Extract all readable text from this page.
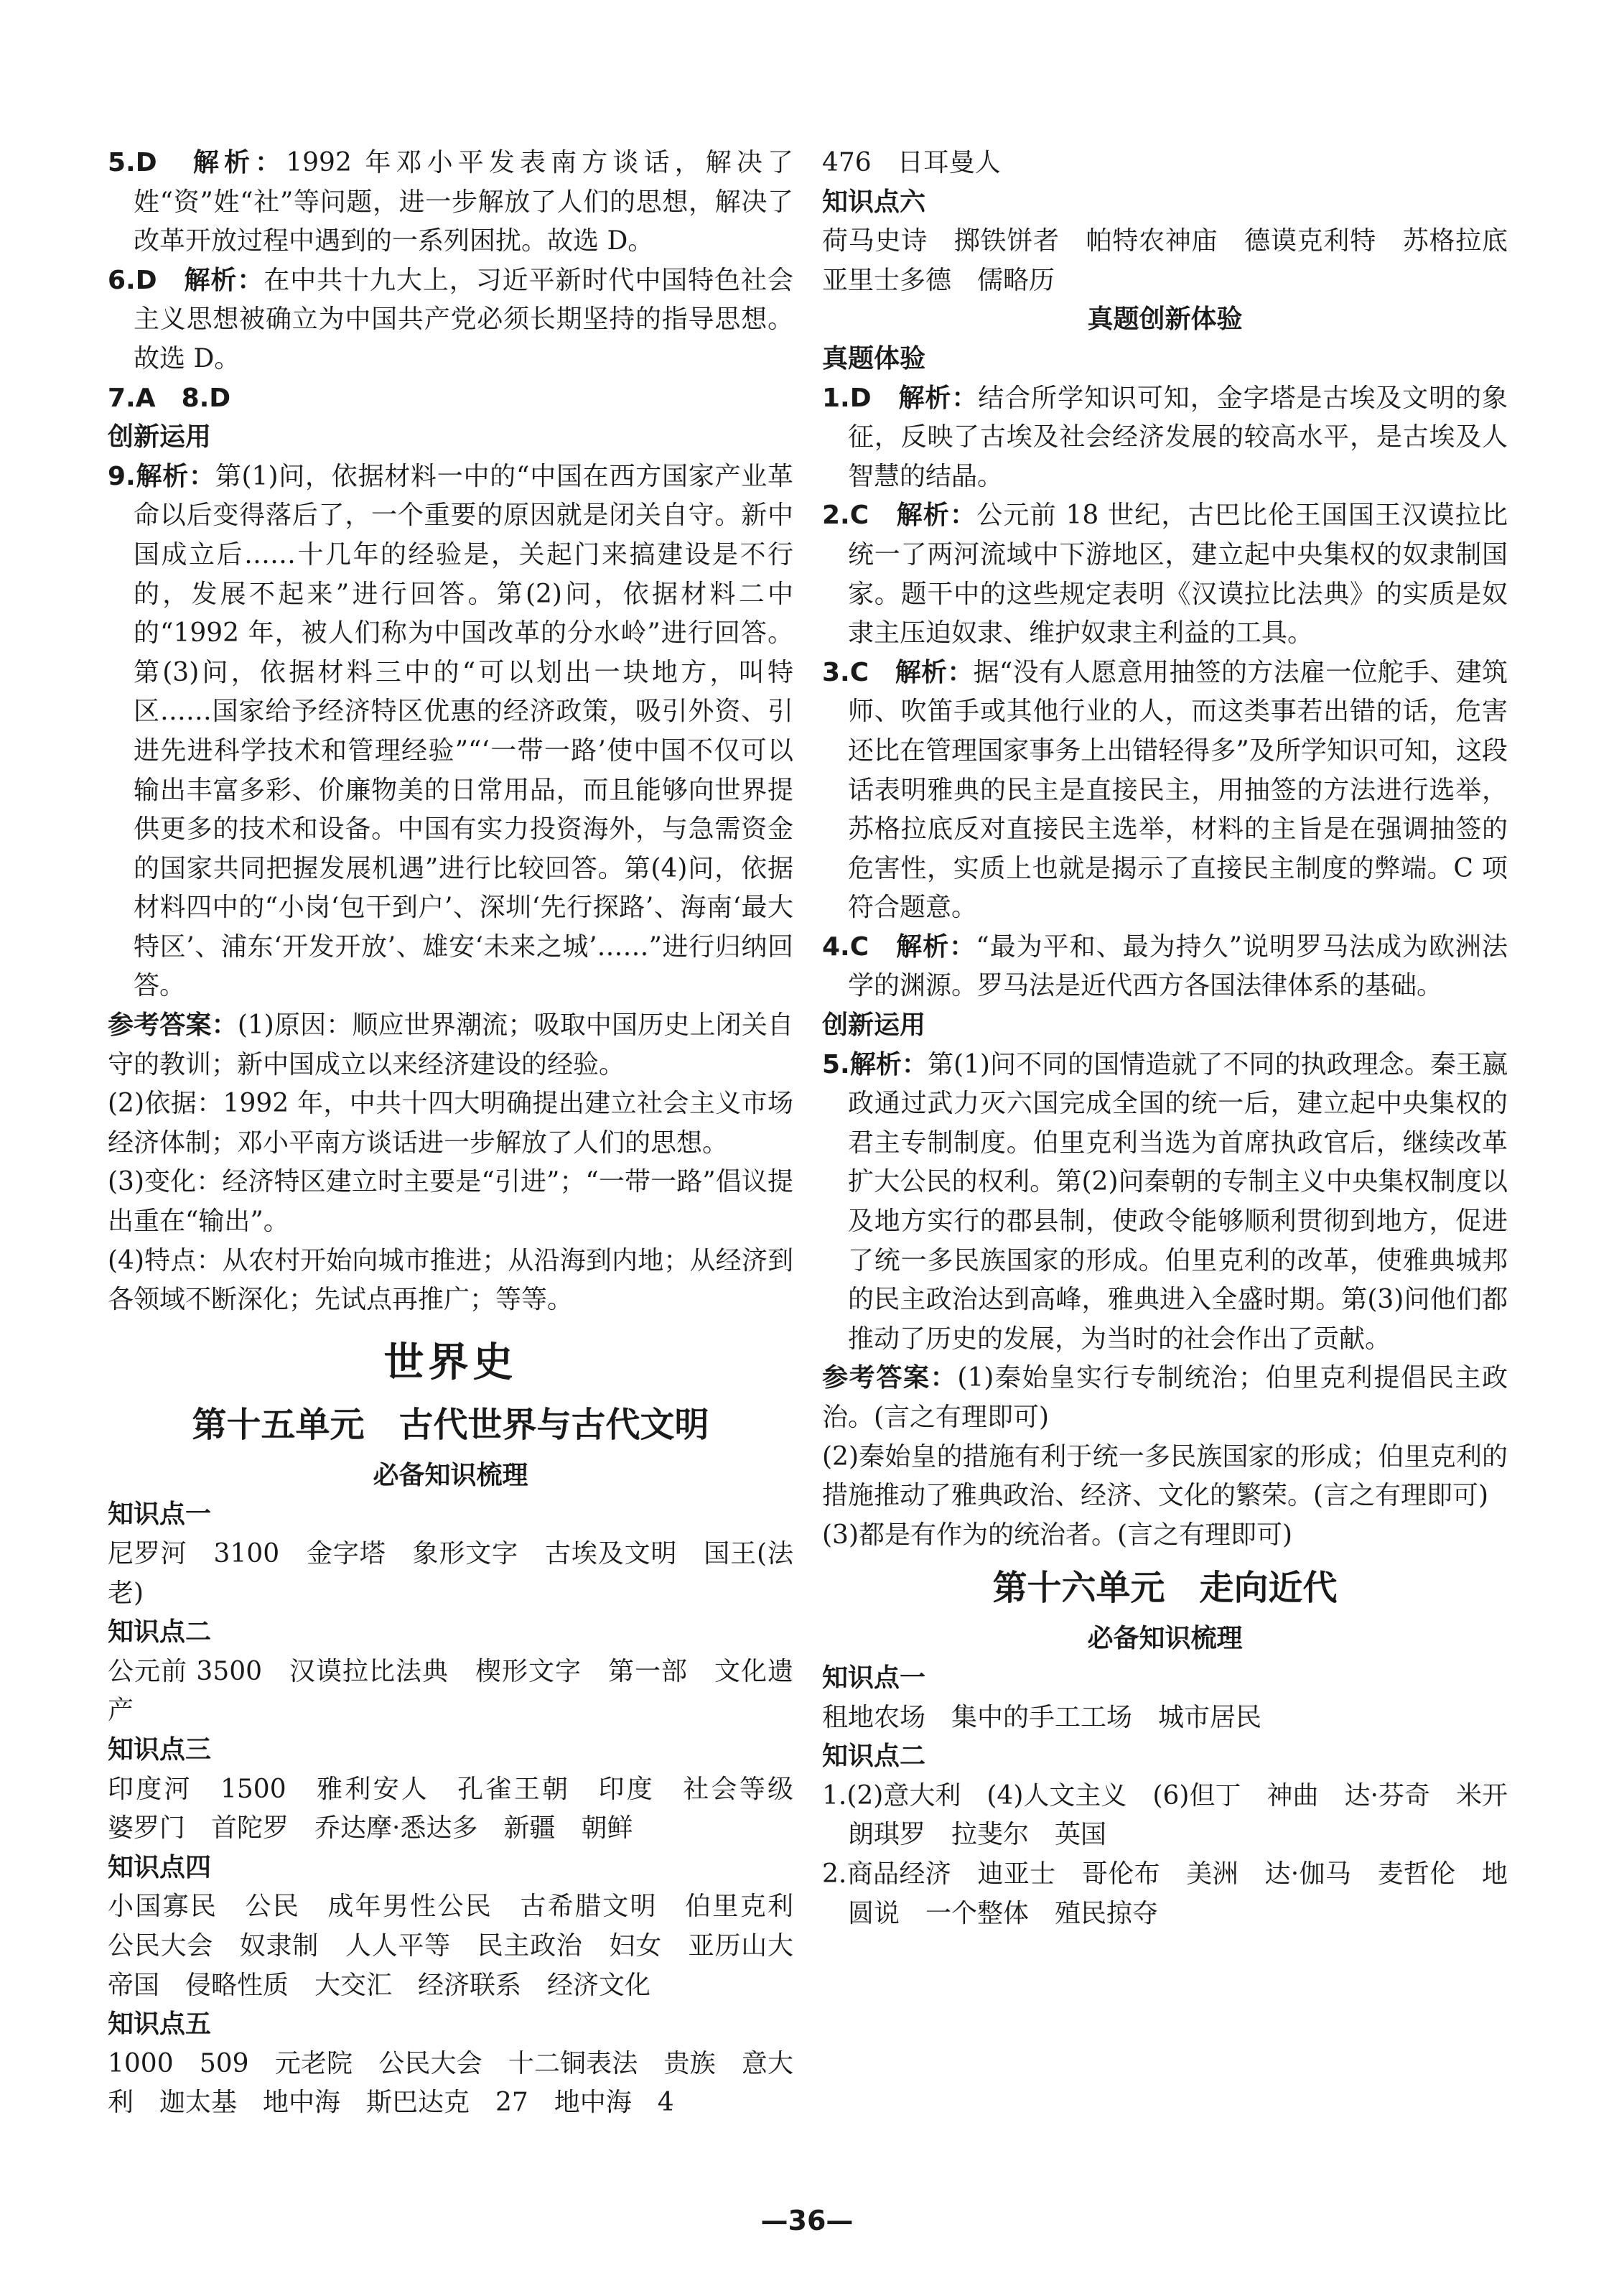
5.D　 解析：1992 年邓小平发表南方谈话，解决了姓“资”姓“社”等问题，进一步解放了人们的思想，解决了改革开放过程中遇到的一系列困扰。故选 D。

6.D　 解析：在中共十九大上，习近平新时代中国特色社会主义思想被确立为中国共产党必须长期坚持的指导思想。故选 D。

7.A　8.D

创新运用

9.解析：第(1)问，依据材料一中的“中国在西方国家产业革命以后变得落后了，一个重要的原因就是闭关自守。新中国成立后……十几年的经验是，关起门来搞建设是不行的，发展不起来”进行回答。第(2)问，依据材料二中的“1992 年，被人们称为中国改革的分水岭”进行回答。第(3)问，依据材料三中的“可以划出一块地方，叫特区……国家给予经济特区优惠的经济政策，吸引外资、引进先进科学技术和管理经验”“‘一带一路’使中国不仅可以输出丰富多彩、价廉物美的日常用品，而且能够向世界提供更多的技术和设备。中国有实力投资海外，与急需资金的国家共同把握发展机遇”进行比较回答。第(4)问，依据材料四中的“小岗‘包干到户’、深圳‘先行探路’、海南‘最大特区’、浦东‘开发开放’、雄安‘未来之城’……”进行归纳回答。

参考答案：(1)原因：顺应世界潮流；吸取中国历史上闭关自守的教训；新中国成立以来经济建设的经验。

(2)依据：1992 年，中共十四大明确提出建立社会主义市场经济体制；邓小平南方谈话进一步解放了人们的思想。

(3)变化：经济特区建立时主要是“引进”；“一带一路”倡议提出重在“输出”。

(4)特点：从农村开始向城市推进；从沿海到内地；从经济到各领域不断深化；先试点再推广；等等。

世界史

第十五单元　古代世界与古代文明

必备知识梳理

知识点一

尼罗河　3100　金字塔　象形文字　古埃及文明　国王(法老)

知识点二

公元前 3500　汉谟拉比法典　楔形文字　第一部　文化遗产

知识点三

印度河　1500　雅利安人　孔雀王朝　印度　社会等级　婆罗门　首陀罗　乔达摩·悉达多　新疆　朝鲜

知识点四

小国寡民　公民　成年男性公民　古希腊文明　伯里克利　公民大会　奴隶制　人人平等　民主政治　妇女　亚历山大帝国　侵略性质　大交汇　经济联系　经济文化

知识点五

1000　509　元老院　公民大会　十二铜表法　贵族　意大利　迦太基　地中海　斯巴达克　27　地中海　4

476　日耳曼人

知识点六

荷马史诗　掷铁饼者　帕特农神庙　德谟克利特　苏格拉底　亚里士多德　儒略历

真题创新体验

真题体验

1.D　 解析：结合所学知识可知，金字塔是古埃及文明的象征，反映了古埃及社会经济发展的较高水平，是古埃及人智慧的结晶。

2.C　 解析：公元前 18 世纪，古巴比伦王国国王汉谟拉比统一了两河流域中下游地区，建立起中央集权的奴隶制国家。题干中的这些规定表明《汉谟拉比法典》的实质是奴隶主压迫奴隶、维护奴隶主利益的工具。

3.C　 解析：据“没有人愿意用抽签的方法雇一位舵手、建筑师、吹笛手或其他行业的人，而这类事若出错的话，危害还比在管理国家事务上出错轻得多”及所学知识可知，这段话表明雅典的民主是直接民主，用抽签的方法进行选举，苏格拉底反对直接民主选举，材料的主旨是在强调抽签的危害性，实质上也就是揭示了直接民主制度的弊端。C 项符合题意。

4.C　 解析：“最为平和、最为持久”说明罗马法成为欧洲法学的渊源。罗马法是近代西方各国法律体系的基础。

创新运用

5.解析：第(1)问不同的国情造就了不同的执政理念。秦王嬴政通过武力灭六国完成全国的统一后，建立起中央集权的君主专制制度。伯里克利当选为首席执政官后，继续改革扩大公民的权利。第(2)问秦朝的专制主义中央集权制度以及地方实行的郡县制，使政令能够顺利贯彻到地方，促进了统一多民族国家的形成。伯里克利的改革，使雅典城邦的民主政治达到高峰，雅典进入全盛时期。第(3)问他们都推动了历史的发展，为当时的社会作出了贡献。

参考答案：(1)秦始皇实行专制统治；伯里克利提倡民主政治。(言之有理即可)

(2)秦始皇的措施有利于统一多民族国家的形成；伯里克利的措施推动了雅典政治、经济、文化的繁荣。(言之有理即可)

(3)都是有作为的统治者。(言之有理即可)

第十六单元　走向近代

必备知识梳理

知识点一

租地农场　集中的手工工场　城市居民

知识点二

1.(2)意大利　(4)人文主义　(6)但丁　神曲　达·芬奇　米开朗琪罗　拉斐尔　英国

2.商品经济　迪亚士　哥伦布　美洲　达·伽马　麦哲伦　地圆说　一个整体　殖民掠夺

—36—
